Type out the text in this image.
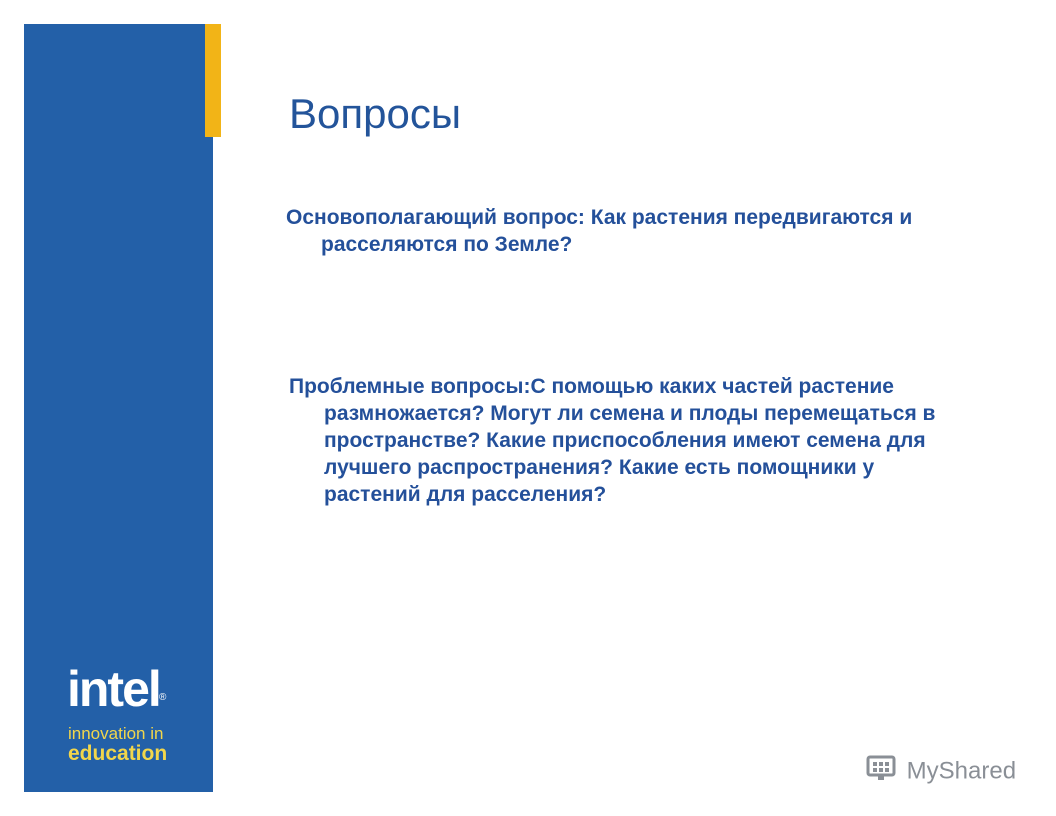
intel ®
innovation in
education
Вопросы
Основополагающий вопрос: Как растения передвигаются и расселяются по Земле?
Проблемные вопросы:С помощью каких частей растение размножается? Могут ли семена и плоды перемещаться в пространстве? Какие приспособления имеют семена для лучшего распространения? Какие есть помощники у растений для расселения?
MyShared
